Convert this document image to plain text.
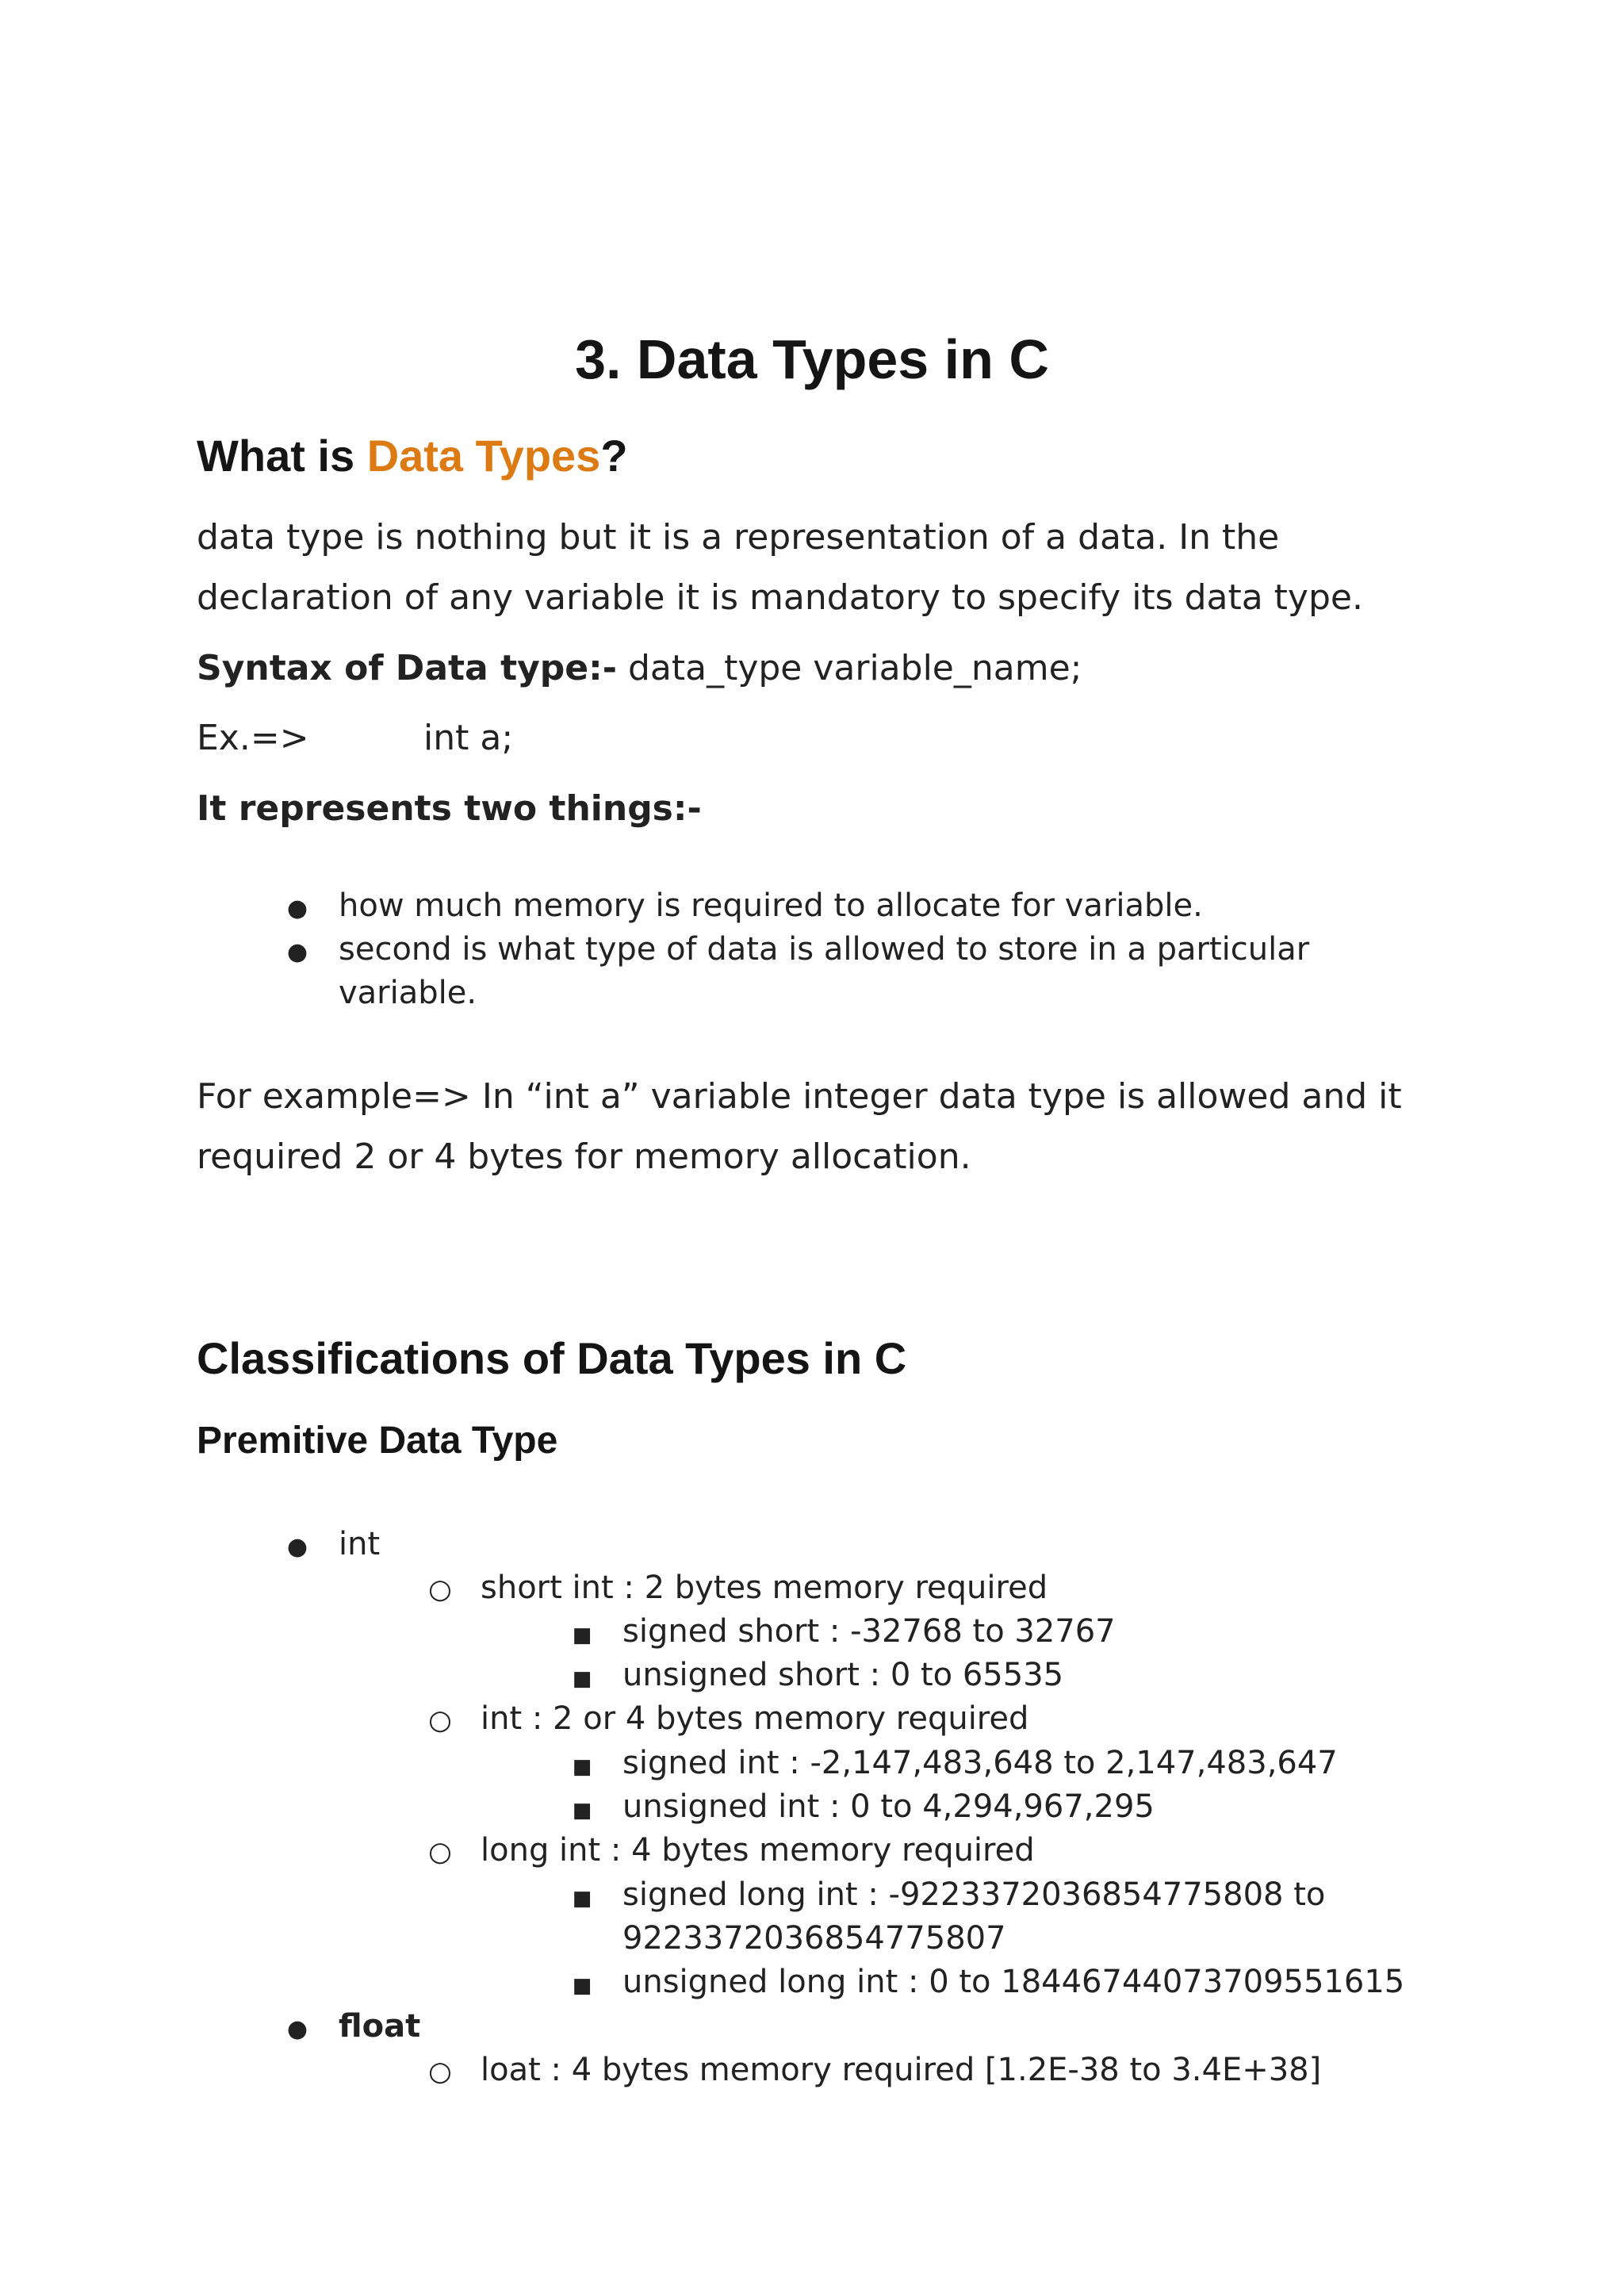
3. Data Types in C
What is Data Types?
data type is nothing but it is a representation of a data. In the
declaration of any variable it is mandatory to specify its data type.
Syntax of Data type:- data_type variable_name;
Ex.=>	int a;
It represents two things:-
●
how much memory is required to allocate for variable.
●
second is what type of data is allowed to store in a particular
variable.
For example=> In “int a” variable integer data type is allowed and it
required 2 or 4 bytes for memory allocation.
Classifications of Data Types in C
Premitive Data Type
●
int
○
short int : 2 bytes memory required
■
signed short : -32768 to 32767
■
unsigned short : 0 to 65535
○
int : 2 or 4 bytes memory required
■
signed int : -2,147,483,648 to 2,147,483,647
■
unsigned int : 0 to 4,294,967,295
○
long int : 4 bytes memory required
■
signed long int : -9223372036854775808 to
9223372036854775807
■
unsigned long int : 0 to 18446744073709551615
●
float
○
loat : 4 bytes memory required [1.2E-38 to 3.4E+38]
